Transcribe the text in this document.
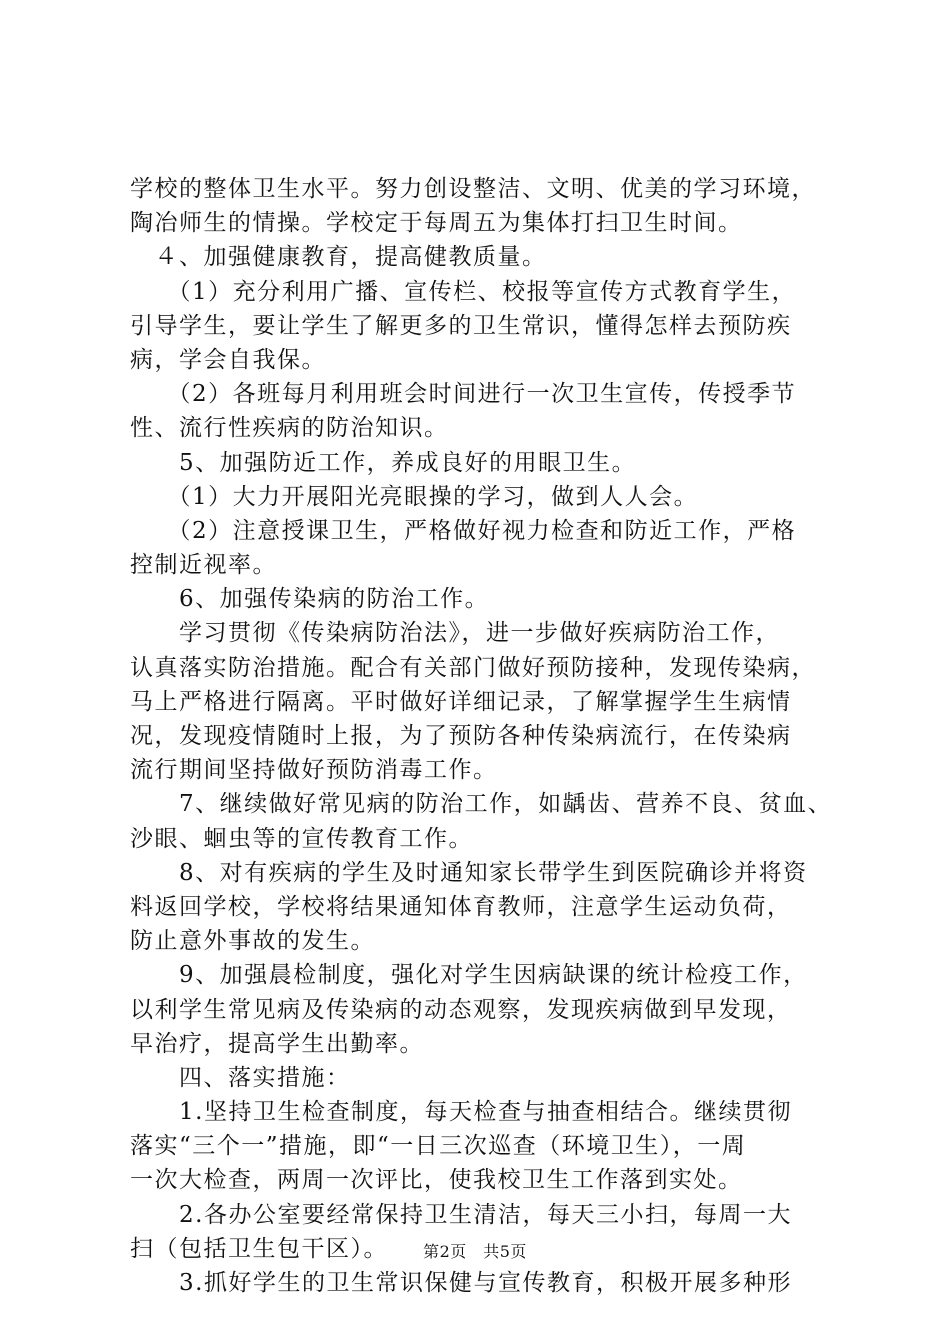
学校的整体卫生水平。努力创设整洁、文明、优美的学习环境，
陶冶师生的情操。学校定于每周五为集体打扫卫生时间。
　４、加强健康教育，提高健教质量。
　　（1）充分利用广播、宣传栏、校报等宣传方式教育学生，
引导学生，要让学生了解更多的卫生常识，懂得怎样去预防疾
病，学会自我保。
　　（2）各班每月利用班会时间进行一次卫生宣传，传授季节
性、流行性疾病的防治知识。
　　5、加强防近工作，养成良好的用眼卫生。
　　（1）大力开展阳光亮眼操的学习，做到人人会。
　　（2）注意授课卫生，严格做好视力检查和防近工作，严格
控制近视率。
　　6、加强传染病的防治工作。
　　学习贯彻《传染病防治法》，进一步做好疾病防治工作，
认真落实防治措施。配合有关部门做好预防接种，发现传染病，
马上严格进行隔离。平时做好详细记录，了解掌握学生生病情
况，发现疫情随时上报，为了预防各种传染病流行，在传染病
流行期间坚持做好预防消毒工作。
　　7、继续做好常见病的防治工作，如龋齿、营养不良、贫血、
沙眼、蛔虫等的宣传教育工作。
　　8、对有疾病的学生及时通知家长带学生到医院确诊并将资
料返回学校，学校将结果通知体育教师，注意学生运动负荷，
防止意外事故的发生。
　　9、加强晨检制度，强化对学生因病缺课的统计检疫工作，
以利学生常见病及传染病的动态观察，发现疾病做到早发现，
早治疗，提高学生出勤率。
　　四、落实措施：
　　1.坚持卫生检查制度，每天检查与抽查相结合。继续贯彻
落实“三个一”措施，即“一日三次巡查（环境卫生），一周
一次大检查，两周一次评比，使我校卫生工作落到实处。
　　2.各办公室要经常保持卫生清洁，每天三小扫，每周一大
扫（包括卫生包干区）。
　　3.抓好学生的卫生常识保健与宣传教育，积极开展多种形
第2页　共5页
